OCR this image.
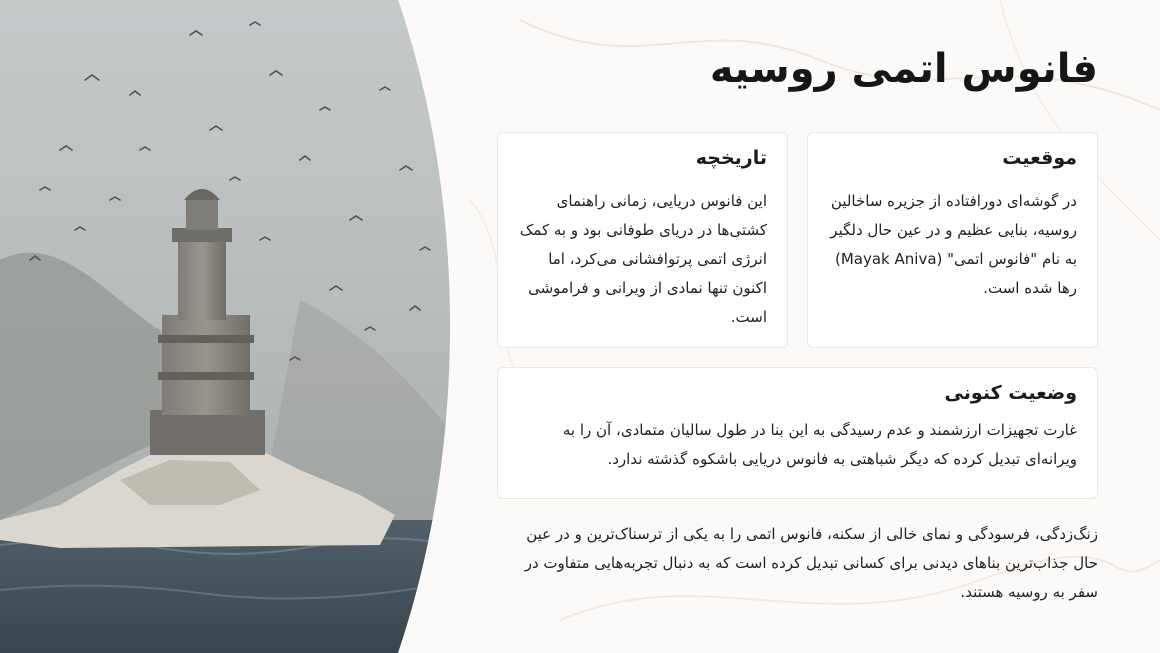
فانوس اتمی روسیه
موقعیت

در گوشه‌ای دورافتاده از جزیره ساخالین روسیه، بنایی عظیم و در عین حال دلگیر به نام "فانوس اتمی" (Mayak Aniva) رها شده است.

تاریخچه

این فانوس دریایی، زمانی راهنمای کشتی‌ها در دریای طوفانی بود و به کمک انرژی اتمی پرتوافشانی می‌کرد، اما اکنون تنها نمادی از ویرانی و فراموشی است.

وضعیت کنونی

غارت تجهیزات ارزشمند و عدم رسیدگی به این بنا در طول سالیان متمادی، آن را به ویرانه‌ای تبدیل کرده که دیگر شباهتی به فانوس دریایی باشکوه گذشته ندارد.

زنگ‌زدگی، فرسودگی و نمای خالی از سکنه، فانوس اتمی را به یکی از ترسناک‌ترین و در عین حال جذاب‌ترین بناهای دیدنی برای کسانی تبدیل کرده است که به دنبال تجربه‌هایی متفاوت در سفر به روسیه هستند.
